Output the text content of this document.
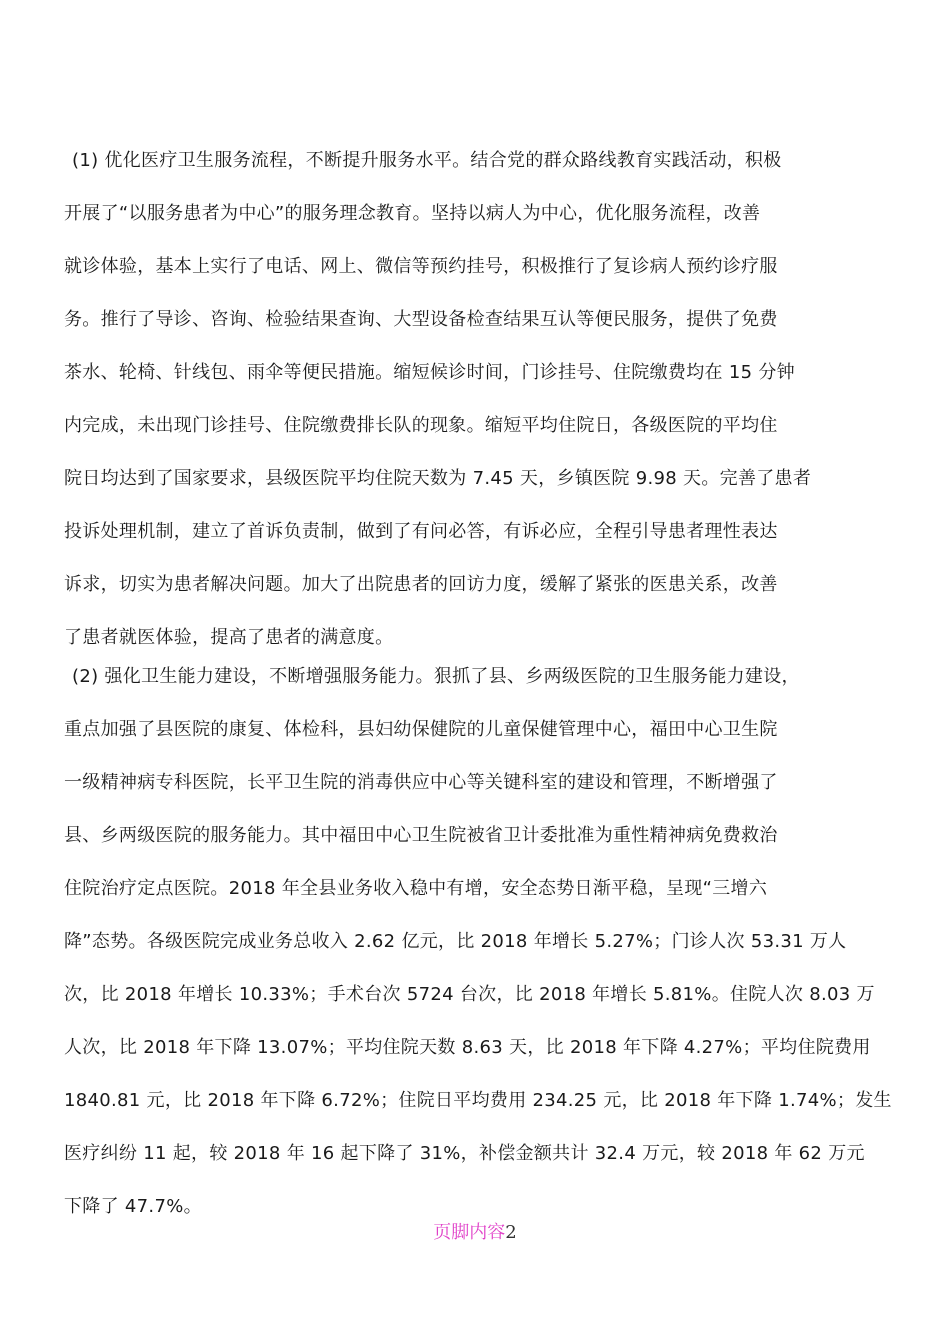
(1) 优化医疗卫生服务流程，不断提升服务水平。结合党的群众路线教育实践活动，积极
开展了“以服务患者为中心”的服务理念教育。坚持以病人为中心，优化服务流程，改善
就诊体验，基本上实行了电话、网上、微信等预约挂号，积极推行了复诊病人预约诊疗服
务。推行了导诊、咨询、检验结果查询、大型设备检查结果互认等便民服务，提供了免费
茶水、轮椅、针线包、雨伞等便民措施。缩短候诊时间，门诊挂号、住院缴费均在 15 分钟
内完成，未出现门诊挂号、住院缴费排长队的现象。缩短平均住院日，各级医院的平均住
院日均达到了国家要求，县级医院平均住院天数为 7.45 天，乡镇医院 9.98 天。完善了患者
投诉处理机制，建立了首诉负责制，做到了有问必答，有诉必应，全程引导患者理性表达
诉求，切实为患者解决问题。加大了出院患者的回访力度，缓解了紧张的医患关系，改善
了患者就医体验，提高了患者的满意度。
(2) 强化卫生能力建设，不断增强服务能力。狠抓了县、乡两级医院的卫生服务能力建设，
重点加强了县医院的康复、体检科，县妇幼保健院的儿童保健管理中心，福田中心卫生院
一级精神病专科医院，长平卫生院的消毒供应中心等关键科室的建设和管理，不断增强了
县、乡两级医院的服务能力。其中福田中心卫生院被省卫计委批准为重性精神病免费救治
住院治疗定点医院。2018 年全县业务收入稳中有增，安全态势日渐平稳，呈现“三增六
降”态势。各级医院完成业务总收入 2.62 亿元，比 2018 年增长 5.27%；门诊人次 53.31 万人
次，比 2018 年增长 10.33%；手术台次 5724 台次，比 2018 年增长 5.81%。住院人次 8.03 万
人次，比 2018 年下降 13.07%；平均住院天数 8.63 天，比 2018 年下降 4.27%；平均住院费用
1840.81 元，比 2018 年下降 6.72%；住院日平均费用 234.25 元，比 2018 年下降 1.74%；发生
医疗纠纷 11 起，较 2018 年 16 起下降了 31%，补偿金额共计 32.4 万元，较 2018 年 62 万元
下降了 47.7%。
页脚内容2
